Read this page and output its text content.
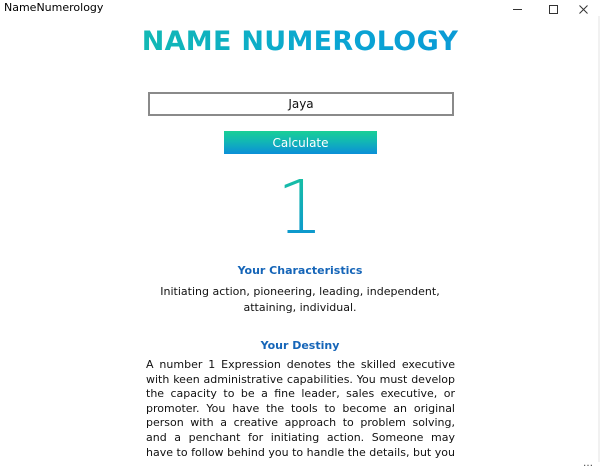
NameNumerology
NAME NUMEROLOGY
Jaya
Calculate
1
Your Characteristics
Initiating action, pioneering, leading, independent, attaining, individual.
Your Destiny
A number 1 Expression denotes the skilled executive with keen administrative capabilities. You must develop the capacity to be a fine leader, sales executive, or promoter. You have the tools to become an original person with a creative approach to problem solving, and a penchant for initiating action. Someone may have to follow behind you to handle the details, but you
…
